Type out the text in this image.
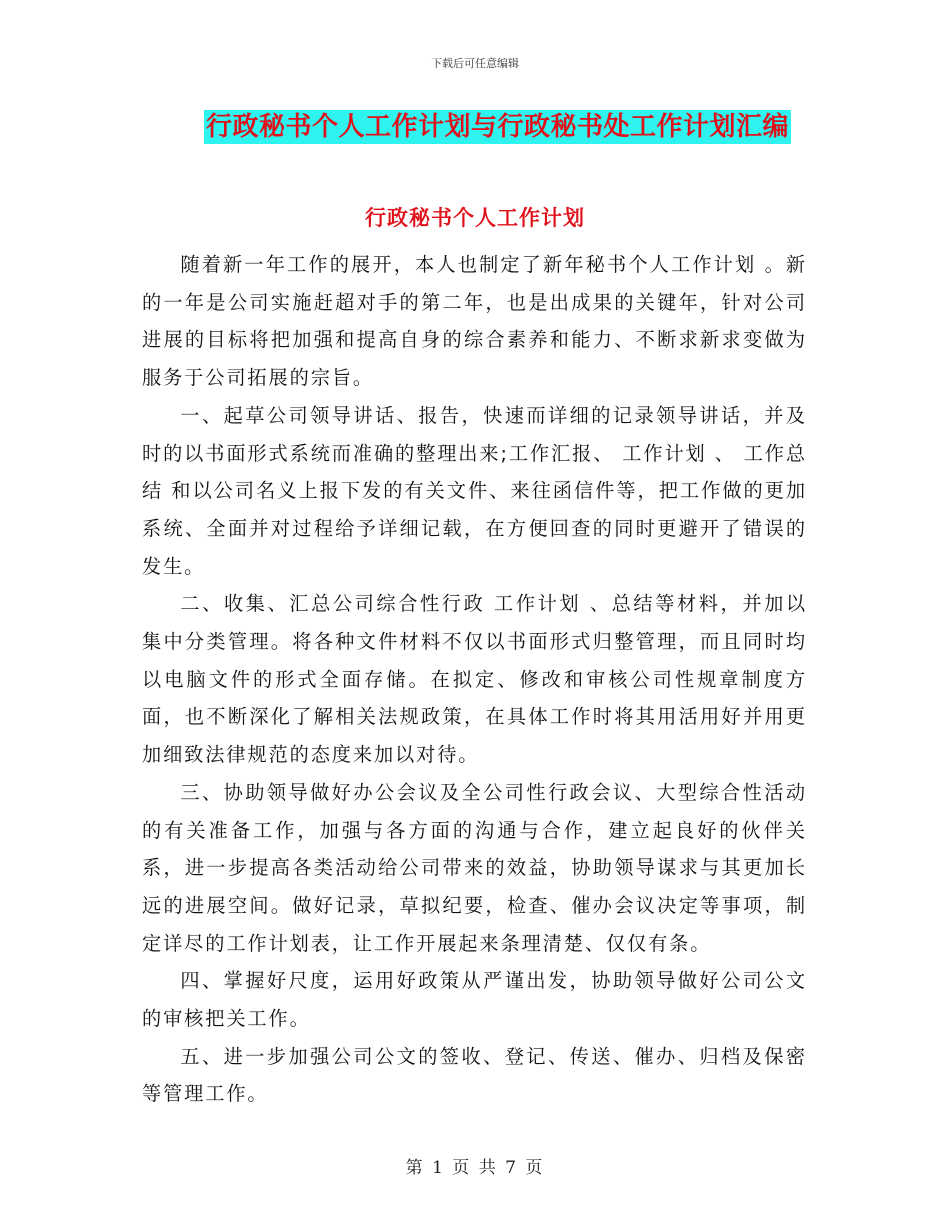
下载后可任意编辑
行政秘书个人工作计划与行政秘书处工作计划汇编
行政秘书个人工作计划

随着新一年工作的展开，本人也制定了新年秘书个人工作计划 。新的一年是公司实施赶超对手的第二年，也是出成果的关键年，针对公司进展的目标将把加强和提高自身的综合素养和能力、不断求新求变做为服务于公司拓展的宗旨。

一、起草公司领导讲话、报告，快速而详细的记录领导讲话，并及时的以书面形式系统而准确的整理出来;工作汇报、 工作计划 、 工作总结 和以公司名义上报下发的有关文件、来往函信件等，把工作做的更加系统、全面并对过程给予详细记载，在方便回查的同时更避开了错误的发生。

二、收集、汇总公司综合性行政 工作计划 、总结等材料，并加以集中分类管理。将各种文件材料不仅以书面形式归整管理，而且同时均以电脑文件的形式全面存储。在拟定、修改和审核公司性规章制度方面，也不断深化了解相关法规政策，在具体工作时将其用活用好并用更加细致法律规范的态度来加以对待。

三、协助领导做好办公会议及全公司性行政会议、大型综合性活动的有关准备工作，加强与各方面的沟通与合作，建立起良好的伙伴关系，进一步提高各类活动给公司带来的效益，协助领导谋求与其更加长远的进展空间。做好记录，草拟纪要，检查、催办会议决定等事项，制定详尽的工作计划表，让工作开展起来条理清楚、仅仅有条。

四、掌握好尺度，运用好政策从严谨出发，协助领导做好公司公文的审核把关工作。

五、进一步加强公司公文的签收、登记、传送、催办、归档及保密等管理工作。

第 1 页 共 7 页
